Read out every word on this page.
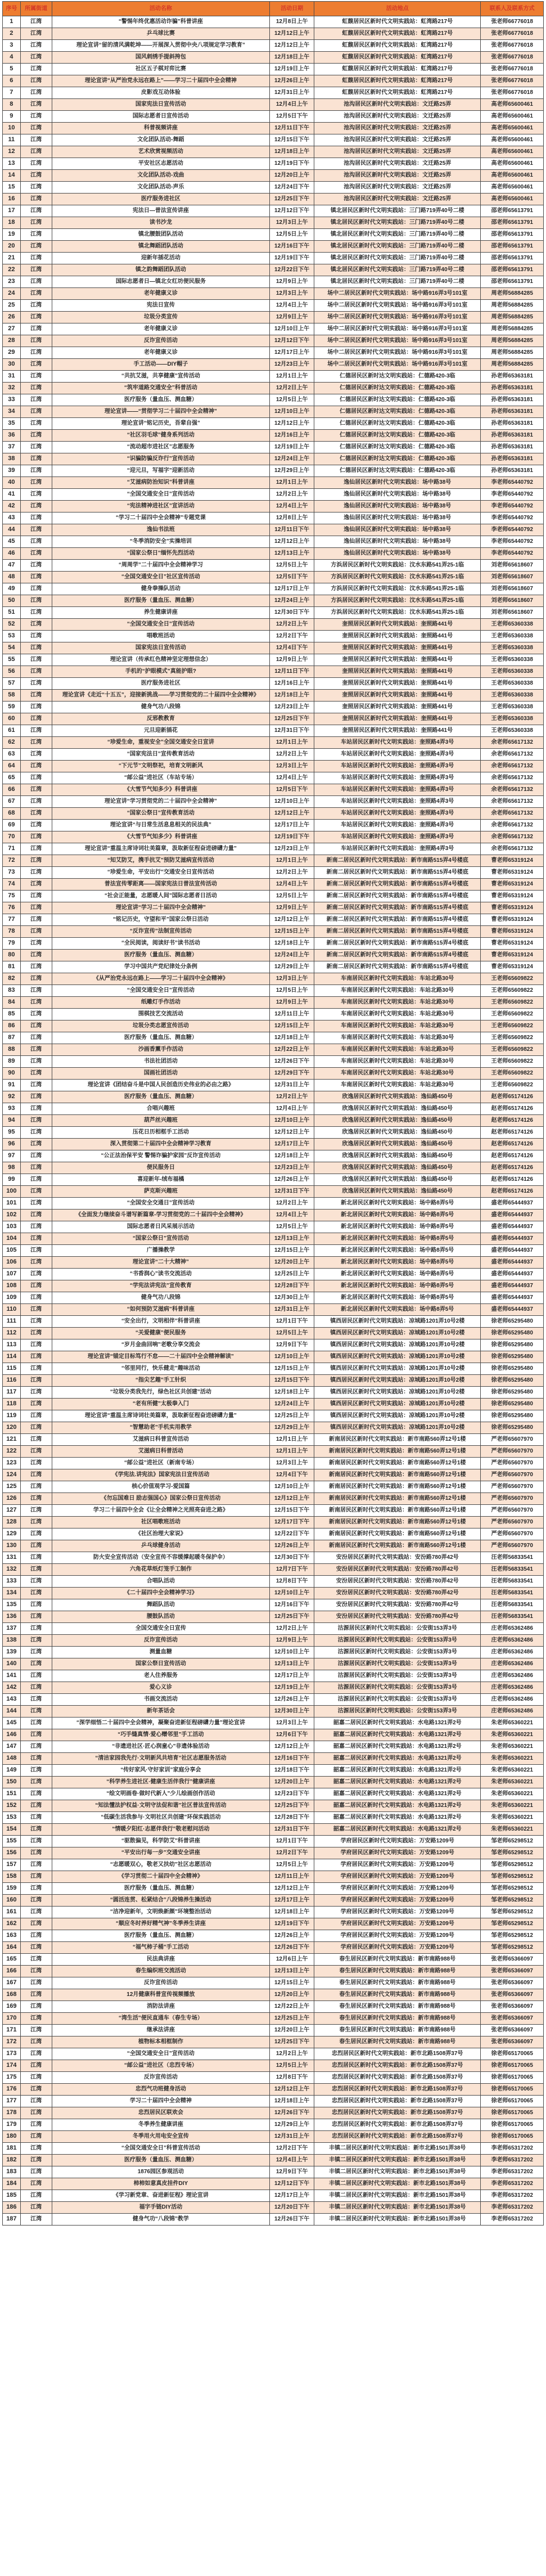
序号	所属街道	活动名称	活动日期	活动地点	联系人及联系方式
1	江湾	“警惕年终优惠活动诈骗”科普讲座	12月8日上午	虹馥居民区新时代文明实践站：虹湾路217号	张老师66776018
2	江湾	乒乓球比赛	12月12日上午	虹馥居民区新时代文明实践站：虹湾路217号	张老师66776018
3	江湾	理论宣讲“留的清风满乾坤——开展深入贯彻中央八项规定学习教育”	12月12日上午	虹馥居民区新时代文明实践站：虹湾路217号	张老师66776018
4	江湾	国风刺绣手提斜挎包	12月18日上午	虹馥居民区新时代文明实践站：虹湾路217号	张老师66776018
5	江湾	社区五子棋对弈比赛	12月19日上午	虹馥居民区新时代文明实践站：虹湾路217号	张老师66776018
6	江湾	理论宣讲“从严治党永远在路上”——学习二十届四中全会精神	12月26日上午	虹馥居民区新时代文明实践站：虹湾路217号	张老师66776018
7	江湾	皮影戏互动体验	12月31日上午	虹馥居民区新时代文明实践站：虹湾路217号	张老师66776018
8	江湾	国家宪法日宣传活动	12月4日上午	池沟居民区新时代文明实践站：文迁路25弄	高老师65600461
9	江湾	国际志愿者日宣传活动	12月5日下午	池沟居民区新时代文明实践站：文迁路25弄	高老师65600461
10	江湾	科普视频讲座	12月11日下午	池沟居民区新时代文明实践站：文迁路25弄	高老师65600461
11	江湾	文化团队活动-舞蹈	12月15日下午	池沟居民区新时代文明实践站：文迁路25弄	高老师65600461
12	江湾	艺术欣赏视频活动	12月18日上午	池沟居民区新时代文明实践站：文迁路25弄	高老师65600461
13	江湾	平安社区志愿活动	12月19日下午	池沟居民区新时代文明实践站：文迁路25弄	高老师65600461
14	江湾	文化团队活动-戏曲	12月20日上午	池沟居民区新时代文明实践站：文迁路25弄	高老师65600461
15	江湾	文化团队活动-声乐	12月24日下午	池沟居民区新时代文明实践站：文迁路25弄	高老师65600461
16	江湾	医疗服务进社区	12月25日下午	池沟居民区新时代文明实践站：文迁路25弄	高老师65600461
17	江湾	宪法日—普法宣传讲座	12月12日下午	镇北居民区新时代文明实践站：三门路719弄40号二楼	邵老师65613791
18	江湾	读书沙龙	12月3日上午	镇北居民区新时代文明实践站：三门路719弄40号二楼	邵老师65613791
19	江湾	镇北腰鼓团队活动	12月5日上午	镇北居民区新时代文明实践站：三门路719弄40号二楼	邵老师65613791
20	江湾	镇北舞蹈团队活动	12月16日下午	镇北居民区新时代文明实践站：三门路719弄40号二楼	邵老师65613791
21	江湾	迎新年插花活动	12月19日下午	镇北居民区新时代文明实践站：三门路719弄40号二楼	邵老师65613791
22	江湾	镇之韵舞蹈团队活动	12月22日下午	镇北居民区新时代文明实践站：三门路719弄40号二楼	邵老师65613791
23	江湾	国际志愿者日—镇北女红坊便民服务	12月9日上午	镇北居民区新时代文明实践站：三门路719弄40号二楼	邵老师65613791
24	江湾	老年健康义诊	12月3日上午	场中二居民区新时代文明实践站：场中路916弄3号101室	周老师56884285
25	江湾	宪法日宣传	12月4日上午	场中二居民区新时代文明实践站：场中路916弄3号101室	周老师56884285
26	江湾	垃圾分类宣传	12月9日上午	场中二居民区新时代文明实践站：场中路916弄3号101室	周老师56884285
27	江湾	老年健康义诊	12月10日上午	场中二居民区新时代文明实践站：场中路916弄3号101室	周老师56884285
28	江湾	反诈宣传活动	12月12日下午	场中二居民区新时代文明实践站：场中路916弄3号101室	周老师56884285
29	江湾	老年健康义诊	12月17日上午	场中二居民区新时代文明实践站：场中路916弄3号101室	周老师56884285
30	江湾	手工活动——DIY帽子	12月23日上午	场中二居民区新时代文明实践站：场中路916弄3号101室	周老师56884285
31	江湾	“共抗艾滋，共享健康”宣传活动	12月1日上午	仁德居民区新时达文明实践站：仁德路420-3临	孙老师65363181
32	江湾	“筑牢道路交通安全”科普活动	12月2日上午	仁德居民区新时达文明实践站：仁德路420-3临	孙老师65363181
33	江湾	医疗服务（量血压、测血糖）	12月5日上午	仁德居民区新时达文明实践站：仁德路420-3临	孙老师65363181
34	江湾	理论宣讲——“贯彻学习二十届四中全会精神”	12月10日上午	仁德居民区新时达文明实践站：仁德路420-3临	孙老师65363181
35	江湾	理论宣讲“铭记历史，吾辈自强”	12月12日上午	仁德居民区新时达文明实践站：仁德路420-3临	孙老师65363181
36	江湾	“社区羽毛球”健身系列活动	12月16日上午	仁德居民区新时达文明实践站：仁德路420-3临	孙老师65363181
37	江湾	“流动超市进社区”志愿服务	12月19日上午	仁德居民区新时达文明实践站：仁德路420-3临	孙老师65363181
38	江湾	“识骗防骗反诈行”宣传活动	12月24日上午	仁德居民区新时达文明实践站：仁德路420-3临	孙老师65363181
39	江湾	“迎元旦，写福字”迎新活动	12月29日上午	仁德居民区新时达文明实践站：仁德路420-3临	孙老师65363181
40	江湾	“艾滋病防治知识”科普讲座	12月1日上午	逸仙居民区新时代文明实践站：场中路38号	李老师65440792
41	江湾	“全国交通安全日”宣传活动	12月2日上午	逸仙居民区新时代文明实践站：场中路38号	李老师65440792
42	江湾	“宪法精神进社区”宣讲活动	12月4日上午	逸仙居民区新时代文明实践站：场中路38号	李老师65440792
43	江湾	“学习二十届四中全会精神”专题党课	12月8日上午	逸仙居民区新时代文明实践站：场中路38号	李老师65440792
44	江湾	逸仙书法班	12月11日下午	逸仙居民区新时代文明实践站：场中路38号	李老师65440792
45	江湾	“冬季消防安全”实操培训	12月12日上午	逸仙居民区新时代文明实践站：场中路38号	李老师65440792
46	江湾	“国家公祭日”缅怀先烈活动	12月13日上午	逸仙居民区新时代文明实践站：场中路38号	李老师65440792
47	江湾	“周周学”二十届四中全会精神学习	12月5日上午	方浜居民区新时代文明实践站：汶水东路541弄25-1临	刘老师65618607
48	江湾	“全国交通安全日”社区宣传活动	12月5日下午	方浜居民区新时代文明实践站：汶水东路541弄25-1临	刘老师65618607
49	江湾	健身拳操队活动	12月17日上午	方浜居民区新时代文明实践站：汶水东路541弄25-1临	刘老师65618607
50	江湾	医疗服务（量血压、测血糖）	12月24日上午	方浜居民区新时代文明实践站：汶水东路541弄25-1临	刘老师65618607
51	江湾	养生健康讲座	12月30日下午	方浜居民区新时代文明实践站：汶水东路541弄25-1临	刘老师65618607
52	江湾	“全国交通安全日”宣传活动	12月2日上午	奎照居民区新时代文明实践站：奎照路441号	王老师65360338
53	江湾	唱歌班活动	12月2日下午	奎照居民区新时代文明实践站：奎照路441号	王老师65360338
54	江湾	国家宪法日宣传活动	12月4日下午	奎照居民区新时代文明实践站：奎照路441号	王老师65360338
55	江湾	理论宣讲（传承红色精神坚定理想信念）	12月9日上午	奎照居民区新时代文明实践站：奎照路441号	王老师65360338
56	江湾	手机的“护眼模式”真能护眼?	12月11日下午	奎照居民区新时代文明实践站：奎照路441号	王老师65360338
57	江湾	医疗服务进社区	12月16日上午	奎照居民区新时代文明实践站：奎照路441号	王老师65360338
58	江湾	理论宣讲《走近“十五五”，迎接新挑战——学习贯彻党的二十届四中全会精神》	12月18日上午	奎照居民区新时代文明实践站：奎照路441号	王老师65360338
59	江湾	健身气功八段锦	12月23日上午	奎照居民区新时代文明实践站：奎照路441号	王老师65360338
60	江湾	反邪教教育	12月25日下午	奎照居民区新时代文明实践站：奎照路441号	王老师65360338
61	江湾	元旦迎新插花	12月31日下午	奎照居民区新时代文明实践站：奎照路441号	王老师65360338
62	江湾	“珍爱生命，重视安全”全国交通安全日宣讲	12月1日上午	车站居民区新时代文明实践站：奎照路4弄3号	余老师65617132
63	江湾	“国家宪法日”宣传教育活动	12月2日上午	车站居民区新时代文明实践站：奎照路4弄3号	余老师65617132
64	江湾	“下元节”文明祭祀，培育文明新风	12月3日上午	车站居民区新时代文明实践站：奎照路4弄3号	余老师65617132
65	江湾	“邮公益”进社区（车站专场）	12月4日上午	车站居民区新时代文明实践站：奎照路4弄3号	余老师65617132
66	江湾	《大雪节气知多少》科普讲座	12月5日下午	车站居民区新时代文明实践站：奎照路4弄3号	余老师65617132
67	江湾	理论宣讲“学习贯彻党的二十届四中全会精神”	12月10日上午	车站居民区新时代文明实践站：奎照路4弄3号	余老师65617132
68	江湾	“国家公祭日”宣传教育活动	12月12日上午	车站居民区新时代文明实践站：奎照路4弄3号	余老师65617132
69	江湾	理论宣讲“与日常生活息息相关的民法典”	12月17日上午	车站居民区新时代文明实践站：奎照路4弄3号	余老师65617132
70	江湾	《大雪节气知多少》科普讲座	12月19日下午	车站居民区新时代文明实践站：奎照路4弄3号	余老师65617132
71	江湾	理论宣讲“重温主席诗词壮美篇章，汲取新征程奋进磅礴力量”	12月23日上午	车站居民区新时代文明实践站：奎照路4弄3号	余老师65617132
72	江湾	“知艾防艾，携手抗艾”预防艾滋病宣传活动	12月1日上午	新南二居民区新时代文明实践站：新市南路515弄4号楼底	曹老师65319124
73	江湾	“珍爱生命，平安出行”交通安全日宣传活动	12月2日上午	新南二居民区新时代文明实践站：新市南路515弄4号楼底	曹老师65319124
74	江湾	普法宣传零距离——国家宪法日普法宣传活动	12月4日上午	新南二居民区新时代文明实践站：新市南路515弄4号楼底	曹老师65319124
75	江湾	“社会正能量，志愿暖人间”国际志愿者日活动	12月5日上午	新南二居民区新时代文明实践站：新市南路515弄4号楼底	曹老师65319124
76	江湾	理论宣讲“学习二十届四中全会精神”	12月9日上午	新南二居民区新时代文明实践站：新市南路515弄4号楼底	曹老师65319124
77	江湾	“铭记历史，守望和平”国家公祭日活动	12月12日上午	新南二居民区新时代文明实践站：新市南路515弄4号楼底	曹老师65319124
78	江湾	“反诈宣传”法制宣传活动	12月15日上午	新南二居民区新时代文明实践站：新市南路515弄4号楼底	曹老师65319124
79	江湾	“全民阅读，阅读好书”读书活动	12月18日上午	新南二居民区新时代文明实践站：新市南路515弄4号楼底	曹老师65319124
80	江湾	医疗服务（量血压、测血糖）	12月24日上午	新南二居民区新时代文明实践站：新市南路515弄4号楼底	曹老师65319124
81	江湾	学习中国共产党纪律处分条例	12月29日上午	新南二居民区新时代文明实践站：新市南路515弄4号楼底	曹老师65319124
82	江湾	《从严治党永远在路上——学习二十届四中全会精神》	12月3日上午	车南居民区新时代文明实践站：车站北路30号	王老师65609822
83	江湾	“全国交通安全日”宣传活动	12月5日上午	车南居民区新时代文明实践站：车站北路30号	王老师65609822
84	江湾	纸雕灯手作活动	12月9日上午	车南居民区新时代文明实践站：车站北路30号	王老师65609822
85	江湾	围棋技艺交流活动	12月11日上午	车南居民区新时代文明实践站：车站北路30号	王老师65609822
86	江湾	垃圾分类志愿宣传活动	12月15日上午	车南居民区新时代文明实践站：车站北路30号	王老师65609822
87	江湾	医疗服务（量血压、测血糖）	12月18日上午	车南居民区新时代文明实践站：车站北路30号	王老师65609822
88	江湾	沙画香薰手作活动	12月22日上午	车南居民区新时代文明实践站：车站北路30号	王老师65609822
89	江湾	书法社团活动	12月26日下午	车南居民区新时代文明实践站：车站北路30号	王老师65609822
90	江湾	国画社团活动	12月29日下午	车南居民区新时代文明实践站：车站北路30号	王老师65609822
91	江湾	理论宣讲《团结奋斗是中国人民创造历史伟业的必由之路》	12月31日上午	车南居民区新时代文明实践站：车站北路30号	王老师65609822
92	江湾	医疗服务（量血压、测血糖）	12月2日上午	欣逸居民区新时代文明实践站：逸仙路450号	赵老师65174126
93	江湾	合唱兴趣班	12月4日上午	欣逸居民区新时代文明实践站：逸仙路450号	赵老师65174126
94	江湾	葫芦丝兴趣班	12月10日上午	欣逸居民区新时代文明实践站：逸仙路450号	赵老师65174126
95	江湾	压花日历相框手工活动	12月12日上午	欣逸居民区新时代文明实践站：逸仙路450号	赵老师65174126
96	江湾	深入贯彻第二十届四中全会精神学习教育	12月17日上午	欣逸居民区新时代文明实践站：逸仙路450号	赵老师65174126
97	江湾	“公正法治保平安 警惕诈骗护家园”反诈宣传活动	12月18日上午	欣逸居民区新时代文明实践站：逸仙路450号	赵老师65174126
98	江湾	便民服务日	12月23日上午	欣逸居民区新时代文明实践站：逸仙路450号	赵老师65174126
99	江湾	喜迎新年-绒布福橘	12月26日上午	欣逸居民区新时代文明实践站：逸仙路450号	赵老师65174126
100	江湾	萨克斯兴趣班	12月31日下午	欣逸居民区新时代文明实践站：逸仙路450号	赵老师65174126
101	江湾	“全国安全交通日”宣传活动	12月2日上午	新北居民区新时代文明实践站：场中路8弄5号	盛老师65444937
102	江湾	《全面发力继续奋斗谱写新篇章-学习贯彻党的二十届四中全会精神》	12月4日上午	新北居民区新时代文明实践站：场中路8弄5号	盛老师65444937
103	江湾	国际志愿者日风采展示活动	12月5日上午	新北居民区新时代文明实践站：场中路8弄5号	盛老师65444937
104	江湾	“国家公祭日”宣传活动	12月13日上午	新北居民区新时代文明实践站：场中路8弄5号	盛老师65444937
105	江湾	广播操教学	12月15日上午	新北居民区新时代文明实践站：场中路8弄5号	盛老师65444937
106	江湾	理论宣讲“二十大精神”	12月20日上午	新北居民区新时代文明实践站：场中路8弄5号	盛老师65444937
107	江湾	“书香润心”读书交流活动	12月25日上午	新北居民区新时代文明实践站：场中路8弄5号	盛老师65444937
108	江湾	“学宪法讲宪法”宣传教育	12月28日下午	新北居民区新时代文明实践站：场中路8弄5号	盛老师65444937
109	江湾	健身气功八段锦	12月30日上午	新北居民区新时代文明实践站：场中路8弄5号	盛老师65444937
110	江湾	“如何预防艾滋病”科普讲座	12月31日上午	新北居民区新时代文明实践站：场中路8弄5号	盛老师65444937
111	江湾	“安全出行，文明相伴”科普讲座	12月1日下午	镇西居民区新时代文明实践站：凉城路1201弄10号2楼	徐老师65295480
112	江湾	“关爱健康”便民服务	12月5日上午	镇西居民区新时代文明实践站：凉城路1201弄10号2楼	徐老师65295480
113	江湾	“岁月金曲回响”老歌分享交流会	12月9日下午	镇西居民区新时代文明实践站：凉城路1201弄10号2楼	徐老师65295480
114	江湾	理论宣讲“锚定目标笃行不怠——二十届四中全会精神解读”	12月10日上午	镇西居民区新时代文明实践站：凉城路1201弄10号2楼	徐老师65295480
115	江湾	“邻里同行，快乐健走”趣味活动	12月15日上午	镇西居民区新时代文明实践站：凉城路1201弄10号2楼	徐老师65295480
116	江湾	“指尖艺趣”手工针织	12月15日下午	镇西居民区新时代文明实践站：凉城路1201弄10号2楼	徐老师65295480
117	江湾	“垃圾分类我先行，绿色社区共创建”活动	12月18日上午	镇西居民区新时代文明实践站：凉城路1201弄10号2楼	徐老师65295480
118	江湾	“老有所健”太极拳入门	12月24日上午	镇西居民区新时代文明实践站：凉城路1201弄10号2楼	徐老师65295480
119	江湾	理论宣讲“重温主席诗词壮美篇章，汲取新征程奋进磅礴力量”	12月25日上午	镇西居民区新时代文明实践站：凉城路1201弄10号2楼	徐老师65295480
120	江湾	“智慧助老”手机实用教学	12月29日上午	镇西居民区新时代文明实践站：凉城路1201弄10号2楼	徐老师65295480
121	江湾	艾滋病日科普宣传活动	12月1日上午	新南居民区新时代文明实践站：新市南路560弄12号1楼	严老师65607970
122	江湾	艾滋病日科普活动	12月1日上午	新南居民区新时代文明实践站：新市南路560弄12号1楼	严老师65607970
123	江湾	“邮公益”进社区（新南专场）	12月3日上午	新南居民区新时代文明实践站：新市南路560弄12号1楼	严老师65607970
124	江湾	《学宪法.讲宪法》国家宪法日宣传活动	12月4日下午	新南居民区新时代文明实践站：新市南路560弄12号1楼	严老师65607970
125	江湾	核心价值观学习-爱国篇	12月10日上午	新南居民区新时代文明实践站：新市南路560弄12号1楼	严老师65607970
126	江湾	《勿忘国难日 励志强国心》国家公祭日宣传活动	12月12日上午	新南居民区新时代文明实践站：新市南路560弄12号1楼	严老师65607970
127	江湾	学习二十届四中全会《让全会精神之光照亮奋进之路》	12月15日下午	新南居民区新时代文明实践站：新市南路560弄12号1楼	严老师65607970
128	江湾	社区唱歌班活动	12月17日下午	新南居民区新时代文明实践站：新市南路560弄12号1楼	严老师65607970
129	江湾	《社区治理大家说》	12月22日下午	新南居民区新时代文明实践站：新市南路560弄12号1楼	严老师65607970
130	江湾	乒乓球健身活动	12月26日上午	新南居民区新时代文明实践站：新市南路560弄12号1楼	严老师65607970
131	江湾	防火安全宣传活动（安全宣传不容缓撑起暖冬保护伞）	12月30日下午	安汾居民区新时代文明实践站：安汾路780弄42号	汪老师56833541
132	江湾	六角花草纸灯笼手工制作	12月7日下午	安汾居民区新时代文明实践站：安汾路780弄42号	汪老师56833541
133	江湾	合唱队活动	12月8日下午	安汾居民区新时代文明实践站：安汾路780弄42号	汪老师56833541
134	江湾	《二十届四中全会精神学习》	12月10日上午	安汾居民区新时代文明实践站：安汾路780弄42号	汪老师56833541
135	江湾	舞蹈队活动	12月16日下午	安汾居民区新时代文明实践站：安汾路780弄42号	汪老师56833541
136	江湾	腰鼓队活动	12月25日下午	安汾居民区新时代文明实践站：安汾路780弄42号	汪老师56833541
137	江湾	全国交通安全日宣传	12月2日上午	沽源居民区新时代文明实践站：公安街153弄3号	庄老师65362486
138	江湾	反诈宣传活动	12月9日上午	沽源居民区新时代文明实践站：公安街153弄3号	庄老师65362486
139	江湾	测量血糖	12月10日上午	沽源居民区新时代文明实践站：公安街153弄3号	庄老师65362486
140	江湾	国家公祭日宣传活动	12月13日上午	沽源居民区新时代文明实践站：公安街153弄3号	庄老师65362486
141	江湾	老人住养服务	12月17日上午	沽源居民区新时代文明实践站：公安街153弄3号	庄老师65362486
142	江湾	爱心义诊	12月19日上午	沽源居民区新时代文明实践站：公安街153弄3号	庄老师65362486
143	江湾	书画交流活动	12月26日上午	沽源居民区新时代文明实践站：公安街153弄3号	庄老师65362486
144	江湾	新年茶话会	12月30日上午	沽源居民区新时代文明实践站：公安街153弄3号	庄老师65362486
145	江湾	“深学细悟二十届四中全会精神，凝聚奋进新征程磅礴力量”理论宣讲	12月3日上午	韶嘉二居民区新时代文明实践站：水电路1321弄2号	朱老师65360221
146	江湾	“巧手缝真情·爱心赠邻里”手工活动	12月6日下午	韶嘉二居民区新时代文明实践站：水电路1321弄2号	朱老师65360221
147	江湾	“非遗进社区·匠心润童心”非遗体验活动	12月12日上午	韶嘉二居民区新时代文明实践站：水电路1321弄2号	朱老师65360221
148	江湾	“清洁家园我先行·文明新风共培育”社区志愿服务活动	12月16日下午	韶嘉二居民区新时代文明实践站：水电路1321弄2号	朱老师65360221
149	江湾	“传好家风·守好家训”家庭分享会	12月18日下午	韶嘉二居民区新时代文明实践站：水电路1321弄2号	朱老师65360221
150	江湾	“科学养生进社区·健康生活伴我行”健康讲座	12月20日上午	韶嘉二居民区新时代文明实践站：水电路1321弄2号	朱老师65360221
151	江湾	“绘文明画卷·做时代新人”少儿绘画创作活动	12月23日下午	韶嘉二居民区新时代文明实践站：水电路1321弄2号	朱老师65360221
152	江湾	“知法懂法护权益·文明守法促和谐”社区普法宣传活动	12月25日下午	韶嘉二居民区新时代文明实践站：水电路1321弄2号	朱老师65360221
153	江湾	“低碳生活我参与·文明社区共创建”环保实践活动	12月28日下午	韶嘉二居民区新时代文明实践站：水电路1321弄2号	朱老师65360221
154	江湾	“情暖夕阳红·志愿伴我行”敬老慰问活动	12月31日下午	韶嘉二居民区新时代文明实践站：水电路1321弄2号	朱老师65360221
155	江湾	“驱散偏见，科学防艾”科普讲座	12月1日下午	学府居民区新时代文明实践站：万安路1209号	邹老师65298512
156	江湾	“平安出行每一步”交通安全讲座	12月2日下午	学府居民区新时代文明实践站：万安路1209号	邹老师65298512
157	江湾	“志愿暖双心，敬老又扶幼”社区志愿活动	12月5日上午	学府居民区新时代文明实践站：万安路1209号	邹老师65298512
158	江湾	《学习贯彻二十届四中全会精神》	12月11日上午	学府居民区新时代文明实践站：万安路1209号	邹老师65298512
159	江湾	医疗服务（量血压、测血糖）	12月12日上午	学府居民区新时代文明实践站：万安路1209号	邹老师65298512
160	江湾	“圆活连贯、松紧结合”八段锦养生操活动	12月17日上午	学府居民区新时代文明实践站：万安路1209号	邹老师65298512
161	江湾	“洁净迎新年，文明焕新颜”环境整治活动	12月18日上午	学府居民区新时代文明实践站：万安路1209号	邹老师65298512
162	江湾	“顺应冬时养好精气神”冬季养生讲座	12月19日下午	学府居民区新时代文明实践站：万安路1209号	邹老师65298512
163	江湾	医疗服务（量血压、测血糖）	12月26日上午	学府居民区新时代文明实践站：万安路1209号	邹老师65298512
164	江湾	“福气柿子桶”手工活动	12月26日下午	学府居民区新时代文明实践站：万安路1209号	邹老师65298512
165	江湾	民法典讲座	12月6日上午	春生居民区新时代文明实践站：新市南路988号	张老师65366097
166	江湾	春生编织班交流活动	12月13日上午	春生居民区新时代文明实践站：新市南路988号	张老师65366097
167	江湾	反诈宣传活动	12月15日上午	春生居民区新时代文明实践站：新市南路988号	张老师65366097
168	江湾	12月健康科普宣传视频播放	12月20日上午	春生居民区新时代文明实践站：新市南路988号	张老师65366097
169	江湾	消防法讲座	12月22日上午	春生居民区新时代文明实践站：新市南路988号	张老师65366097
170	江湾	“湾生活”便民直通车（春生专场）	12月25日上午	春生居民区新时代文明实践站：新市南路988号	张老师65366097
171	江湾	继承法讲座	12月20日上午	春生居民区新时代文明实践站：新市南路988号	张老师65366097
172	江湾	植物标本相框制作	12月25日下午	春生居民区新时代文明实践站：新市南路988号	张老师65366097
173	江湾	“全国交通安全日”宣传活动	12月2日上午	忠烈居民区新时代文明实践站：新市北路1508弄37号	徐老师65170065
174	江湾	“邮公益”进社区（忠烈专场）	12月5日上午	忠烈居民区新时代文明实践站：新市北路1508弄37号	徐老师65170065
175	江湾	反诈宣传活动	12月8日下午	忠烈居民区新时代文明实践站：新市北路1508弄37号	徐老师65170065
176	江湾	忠烈气功班健身活动	12月12日上午	忠烈居民区新时代文明实践站：新市北路1508弄37号	徐老师65170065
177	江湾	学习二十届四中全会精神	12月18日上午	忠烈居民区新时代文明实践站：新市北路1508弄37号	徐老师65170065
178	江湾	忠烈居民区联欢会	12月26日下午	忠烈居民区新时代文明实践站：新市北路1508弄37号	徐老师65170065
179	江湾	冬季养生健康讲座	12月29日上午	忠烈居民区新时代文明实践站：新市北路1508弄37号	徐老师65170065
180	江湾	冬季用火用电安全宣传	12月31日上午	忠烈居民区新时代文明实践站：新市北路1508弄37号	徐老师65170065
181	江湾	“全国交通安全日”科普宣传活动	12月2日下午	丰镇二居民区新时代文明实践站：新市北路1501弄38号	李老师65317202
182	江湾	医疗服务（量血压、测血糖）	12月4日上午	丰镇二居民区新时代文明实践站：新市北路1501弄38号	李老师65317202
183	江湾	1876园区参观活动	12月9日下午	丰镇二居民区新时代文明实践站：新市北路1501弄38号	李老师65317202
184	江湾	柿柿如意真皮挂件DIY	12月12日下午	丰镇二居民区新时代文明实践站：新市北路1501弄38号	李老师65317202
185	江湾	《学习新党章、奋进新征程》理论宣讲	12月17日上午	丰镇二居民区新时代文明实践站：新市北路1501弄38号	李老师65317202
186	江湾	福字手链DIY活动	12月20日下午	丰镇二居民区新时代文明实践站：新市北路1501弄38号	李老师65317202
187	江湾	健身气功“八段锦”教学	12月26日下午	丰镇二居民区新时代文明实践站：新市北路1501弄38号	李老师65317202
